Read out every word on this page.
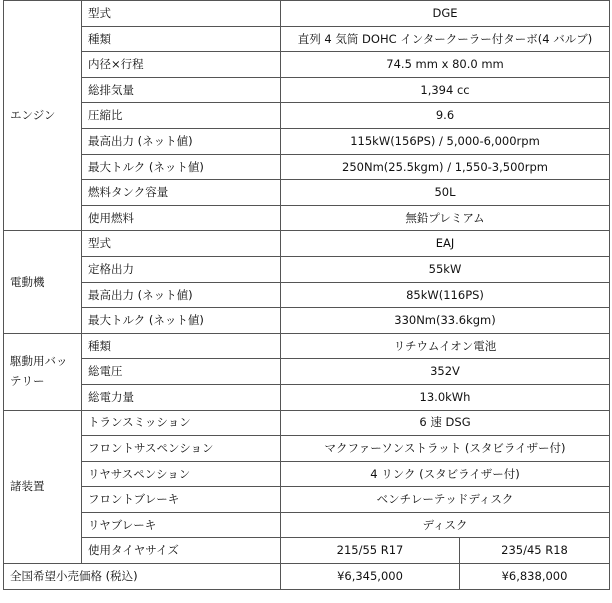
エンジン	型式	DGE	
	種類	直列 4 気筒 DOHC インタークーラー付ターボ(4 バルブ)	
	内径×行程	74.5 mm x 80.0 mm	
	総排気量	1,394 cc	
	圧縮比	9.6	
	最高出力 (ネット値)	115kW(156PS) / 5,000-6,000rpm	
	最大トルク (ネット値)	250Nm(25.5kgm) / 1,550-3,500rpm	
	燃料タンク容量	50L	
	使用燃料	無鉛プレミアム	
電動機	型式	EAJ	
	定格出力	55kW	
	最高出力 (ネット値)	85kW(116PS)	
	最大トルク (ネット値)	330Nm(33.6kgm)	
駆動用バッテリー	種類	リチウムイオン電池	
	総電圧	352V	
	総電力量	13.0kWh	
諸装置	トランスミッション	6 速 DSG	
	フロントサスペンション	マクファーソンストラット (スタビライザー付)	
	リヤサスペンション	4 リンク (スタビライザー付)	
	フロントブレーキ	ベンチレーテッドディスク	
	リヤブレーキ	ディスク	
	使用タイヤサイズ	215/55 R17	235/45 R18
全国希望小売価格 (税込)		¥6,345,000	¥6,838,000
